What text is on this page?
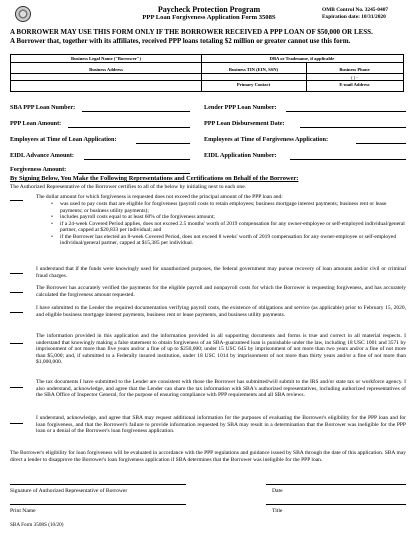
Paycheck Protection Program
PPP Loan Forgiveness Application Form 3508S
OMB Control No. 3245-0407
Expiration date: 10/31/2020
A BORROWER MAY USE THIS FORM ONLY IF THE BORROWER RECEIVED A PPP LOAN OF $50,000 OR LESS.
A Borrower that, together with its affiliates, received PPP loans totaling $2 million or greater cannot use this form.
Business Legal Name ("Borrower")	DBA or Tradename, if applicable
Business Address	Business TIN (EIN, SSN)	Business Phone
( ) -
Primary Contact	E-mail Address
SBA PPP Loan Number:	Lender PPP Loan Number:
PPP Loan Amount:	PPP Loan Disbursement Date:
Employees at Time of Loan Application:	Employees at Time of Forgiveness Application:
EIDL Advance Amount:	EIDL Application Number:
Forgiveness Amount:
By Signing Below, You Make the Following Representations and Certifications on Behalf of the Borrower:
The Authorized Representative of the Borrower certifies to all of the below by initialing next to each one.
The dollar amount for which forgiveness is requested does not exceed the principal amount of the PPP loan and:
• was used to pay costs that are eligible for forgiveness (payroll costs to retain employees; business mortgage interest payments; business rent or lease payments; or business utility payments);
• includes payroll costs equal to at least 60% of the forgiveness amount;
• if a 24-week Covered Period applies, does not exceed 2.5 months' worth of 2019 compensation for any owner-employee or self-employed individual/general partner, capped at $20,833 per individual; and
• if the Borrower has elected an 8-week Covered Period, does not exceed 8 weeks' worth of 2019 compensation for any owner-employee or self-employed individual/general partner, capped at $15,385 per individual.
I understand that if the funds were knowingly used for unauthorized purposes, the federal government may pursue recovery of loan amounts and/or civil or criminal fraud charges.
The Borrower has accurately verified the payments for the eligible payroll and nonpayroll costs for which the Borrower is requesting forgiveness, and has accurately calculated the forgiveness amount requested.
I have submitted to the Lender the required documentation verifying payroll costs, the existence of obligations and service (as applicable) prior to February 15, 2020, and eligible business mortgage interest payments, business rent or lease payments, and business utility payments.
The information provided in this application and the information provided in all supporting documents and forms is true and correct in all material respects. I understand that knowingly making a false statement to obtain forgiveness of an SBA-guaranteed loan is punishable under the law, including 18 USC 1001 and 3571 by imprisonment of not more than five years and/or a fine of up to $250,000; under 15 USC 645 by imprisonment of not more than two years and/or a fine of not more than $5,000; and, if submitted to a Federally insured institution, under 18 USC 1014 by imprisonment of not more than thirty years and/or a fine of not more than $1,000,000.
The tax documents I have submitted to the Lender are consistent with those the Borrower has submitted/will submit to the IRS and/or state tax or workforce agency. I also understand, acknowledge, and agree that the Lender can share the tax information with SBA's authorized representatives, including authorized representatives of the SBA Office of Inspector General, for the purpose of ensuring compliance with PPP requirements and all SBA reviews.
I understand, acknowledge, and agree that SBA may request additional information for the purposes of evaluating the Borrower's eligibility for the PPP loan and for loan forgiveness, and that the Borrower's failure to provide information requested by SBA may result in a determination that the Borrower was ineligible for the PPP loan or a denial of the Borrower's loan forgiveness application.
The Borrower's eligibility for loan forgiveness will be evaluated in accordance with the PPP regulations and guidance issued by SBA through the date of this application. SBA may direct a lender to disapprove the Borrower's loan forgiveness application if SBA determines that the Borrower was ineligible for the PPP loan.
Signature of Authorized Representative of Borrower	Date
Print Name	Title
SBA Form 3508S (10/20)
